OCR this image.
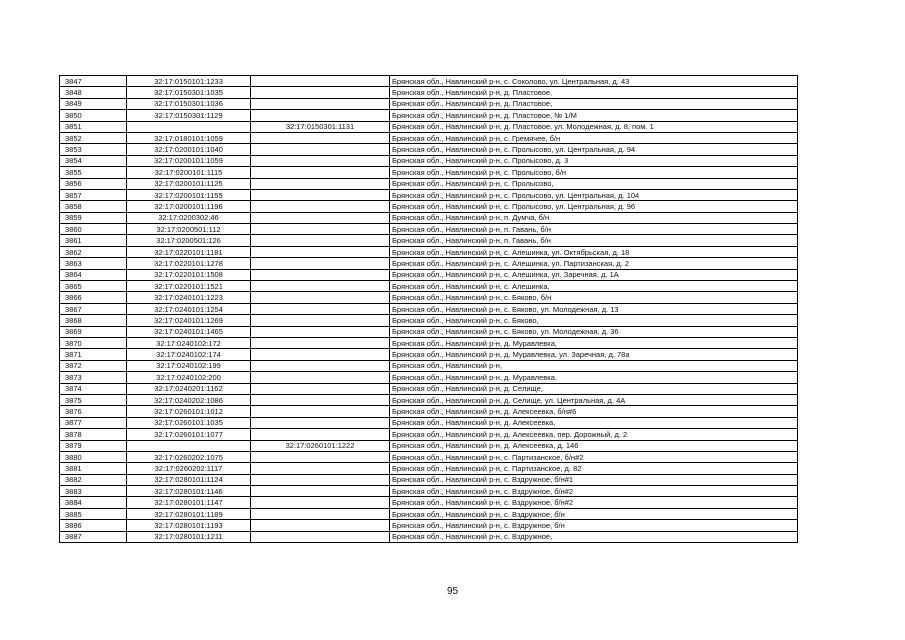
3847	32:17:0150101:1233		Брянская обл., Навлинский р-н, с. Соколово, ул. Центральная, д. 43
3848	32:17:0150301:1035		Брянская обл., Навлинский р-н, д. Пластовое,
3849	32:17:0150301:1036		Брянская обл., Навлинский р-н, д. Пластовое,
3850	32:17:0150301:1129		Брянская обл., Навлинский р-н, д. Пластовое, № 1/М
3851		32:17:0150301:1131	Брянская обл., Навлинский р-н, д. Пластовое, ул. Молодежная, д. 8, пом. 1
3852	32:17:0180101:1059		Брянская обл., Навлинский р-н, с. Гремячее, б/н
3853	32:17:0200101:1040		Брянская обл., Навлинский р-н, с. Пролысово, ул. Центральная, д. 94
3854	32:17:0200101:1059		Брянская обл., Навлинский р-н, с. Пролысово, д. 3
3855	32:17:0200101:1115		Брянская обл., Навлинский р-н, с. Пролысово, б/н
3856	32:17:0200101:1125		Брянская обл., Навлинский р-н, с. Пролысово,
3857	32:17:0200101:1155		Брянская обл., Навлинский р-н, с. Пролысово, ул. Центральная, д. 104
3858	32:17:0200101:1196		Брянская обл., Навлинский р-н, с. Пролысово, ул. Центральная, д. 96
3859	32:17:0200302:46		Брянская обл., Навлинский р-н, п. Думча, б/н
3860	32:17:0200501:112		Брянская обл., Навлинский р-н, п. Гавань, б/н
3861	32:17:0200501:126		Брянская обл., Навлинский р-н, п. Гавань, б/н
3862	32:17:0220101:1181		Брянская обл., Навлинский р-н, с. Алешинка, ул. Октябрьская, д. 18
3863	32:17:0220101:1278		Брянская обл., Навлинский р-н, с. Алешинка, ул. Партизанская, д. 2
3864	32:17:0220101:1508		Брянская обл., Навлинский р-н, с. Алешинка, ул. Заречная, д. 1А
3865	32:17:0220101:1521		Брянская обл., Навлинский р-н, с. Алешинка,
3866	32:17:0240101:1223		Брянская обл., Навлинский р-н, с. Бяково, б/н
3867	32:17:0240101:1254		Брянская обл., Навлинский р-н, с. Бяково, ул. Молодежная, д. 13
3868	32:17:0240101:1269		Брянская обл., Навлинский р-н, с. Бяково,
3869	32:17:0240101:1465		Брянская обл., Навлинский р-н, с. Бяково, ул. Молодежная, д. 36
3870	32:17:0240102:172		Брянская обл., Навлинский р-н, д. Муравлевка,
3871	32:17:0240102:174		Брянская обл., Навлинский р-н, д. Муравлевка, ул. Заречная, д. 78а
3872	32:17:0240102:199		Брянская обл., Навлинский р-н,
3873	32:17:0240102:200		Брянская обл., Навлинский р-н, д. Муравлевка,
3874	32:17:0240201:1162		Брянская обл., Навлинский р-н, д. Селище,
3875	32:17:0240202:1086		Брянская обл., Навлинский р-н, д. Селище, ул. Центральная, д. 4А
3876	32:17:0260101:1012		Брянская обл., Навлинский р-н, д. Алексеевка, б/н#6
3877	32:17:0260101:1035		Брянская обл., Навлинский р-н, д. Алексеевка,
3878	32:17:0260101:1077		Брянская обл., Навлинский р-н, д. Алексеевка, пер. Дорожный, д. 2
3879		32:17:0260101:1222	Брянская обл., Навлинский р-н, д. Алексеевка, д. 146
3880	32:17:0260202:1075		Брянская обл., Навлинский р-н, с. Партизанское, б/н#2
3881	32:17:0260202:1117		Брянская обл., Навлинский р-н, с. Партизанское, д. 82
3882	32:17:0280101:1124		Брянская обл., Навлинский р-н, с. Вздружное, б/н#1
3883	32:17:0280101:1146		Брянская обл., Навлинский р-н, с. Вздружное, б/н#2
3884	32:17:0280101:1147		Брянская обл., Навлинский р-н, с. Вздружное, б/н#2
3885	32:17:0280101:1189		Брянская обл., Навлинский р-н, с. Вздружное, б/н
3886	32:17:0280101:1193		Брянская обл., Навлинский р-н, с. Вздружное, б/н
3887	32:17:0280101:1211		Брянская обл., Навлинский р-н, с. Вздружное,
95
